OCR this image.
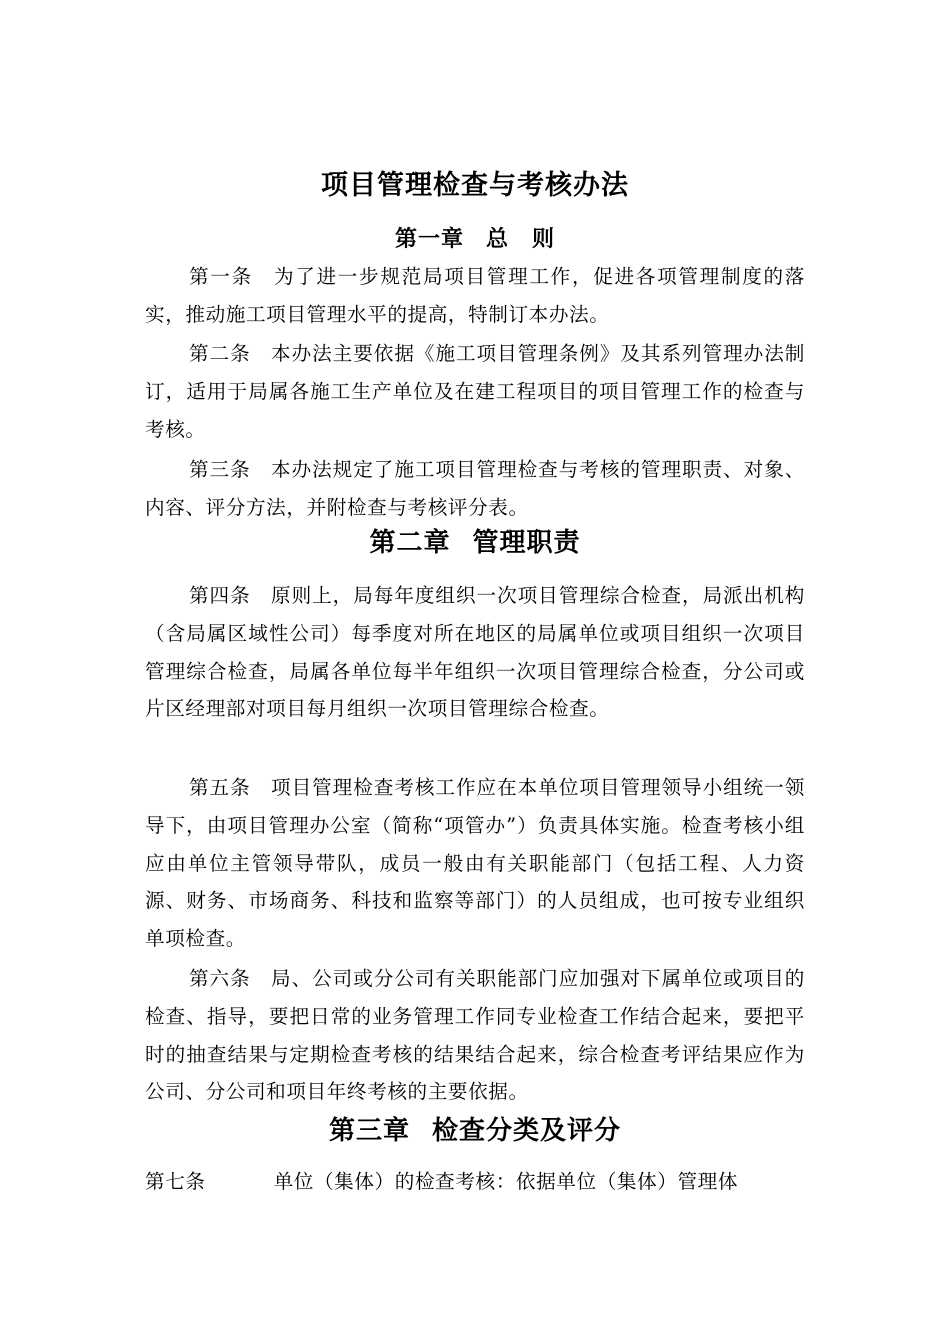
项目管理检查与考核办法
第一章 总　则
第一条 为了进一步规范局项目管理工作，促进各项管理制度的落实，推动施工项目管理水平的提高，特制订本办法。
第二条 本办法主要依据《施工项目管理条例》及其系列管理办法制订，适用于局属各施工生产单位及在建工程项目的项目管理工作的检查与考核。
第三条 本办法规定了施工项目管理检查与考核的管理职责、对象、内容、评分方法，并附检查与考核评分表。
第二章 管理职责
第四条 原则上，局每年度组织一次项目管理综合检查，局派出机构（含局属区域性公司）每季度对所在地区的局属单位或项目组织一次项目管理综合检查，局属各单位每半年组织一次项目管理综合检查，分公司或片区经理部对项目每月组织一次项目管理综合检查。
第五条 项目管理检查考核工作应在本单位项目管理领导小组统一领导下，由项目管理办公室（简称“项管办”）负责具体实施。检查考核小组应由单位主管领导带队，成员一般由有关职能部门（包括工程、人力资源、财务、市场商务、科技和监察等部门）的人员组成，也可按专业组织单项检查。
第六条 局、公司或分公司有关职能部门应加强对下属单位或项目的检查、指导，要把日常的业务管理工作同专业检查工作结合起来，要把平时的抽查结果与定期检查考核的结果结合起来，综合检查考评结果应作为公司、分公司和项目年终考核的主要依据。
第三章 检查分类及评分
第七条	单位（集体）的检查考核：依据单位（集体）管理体
